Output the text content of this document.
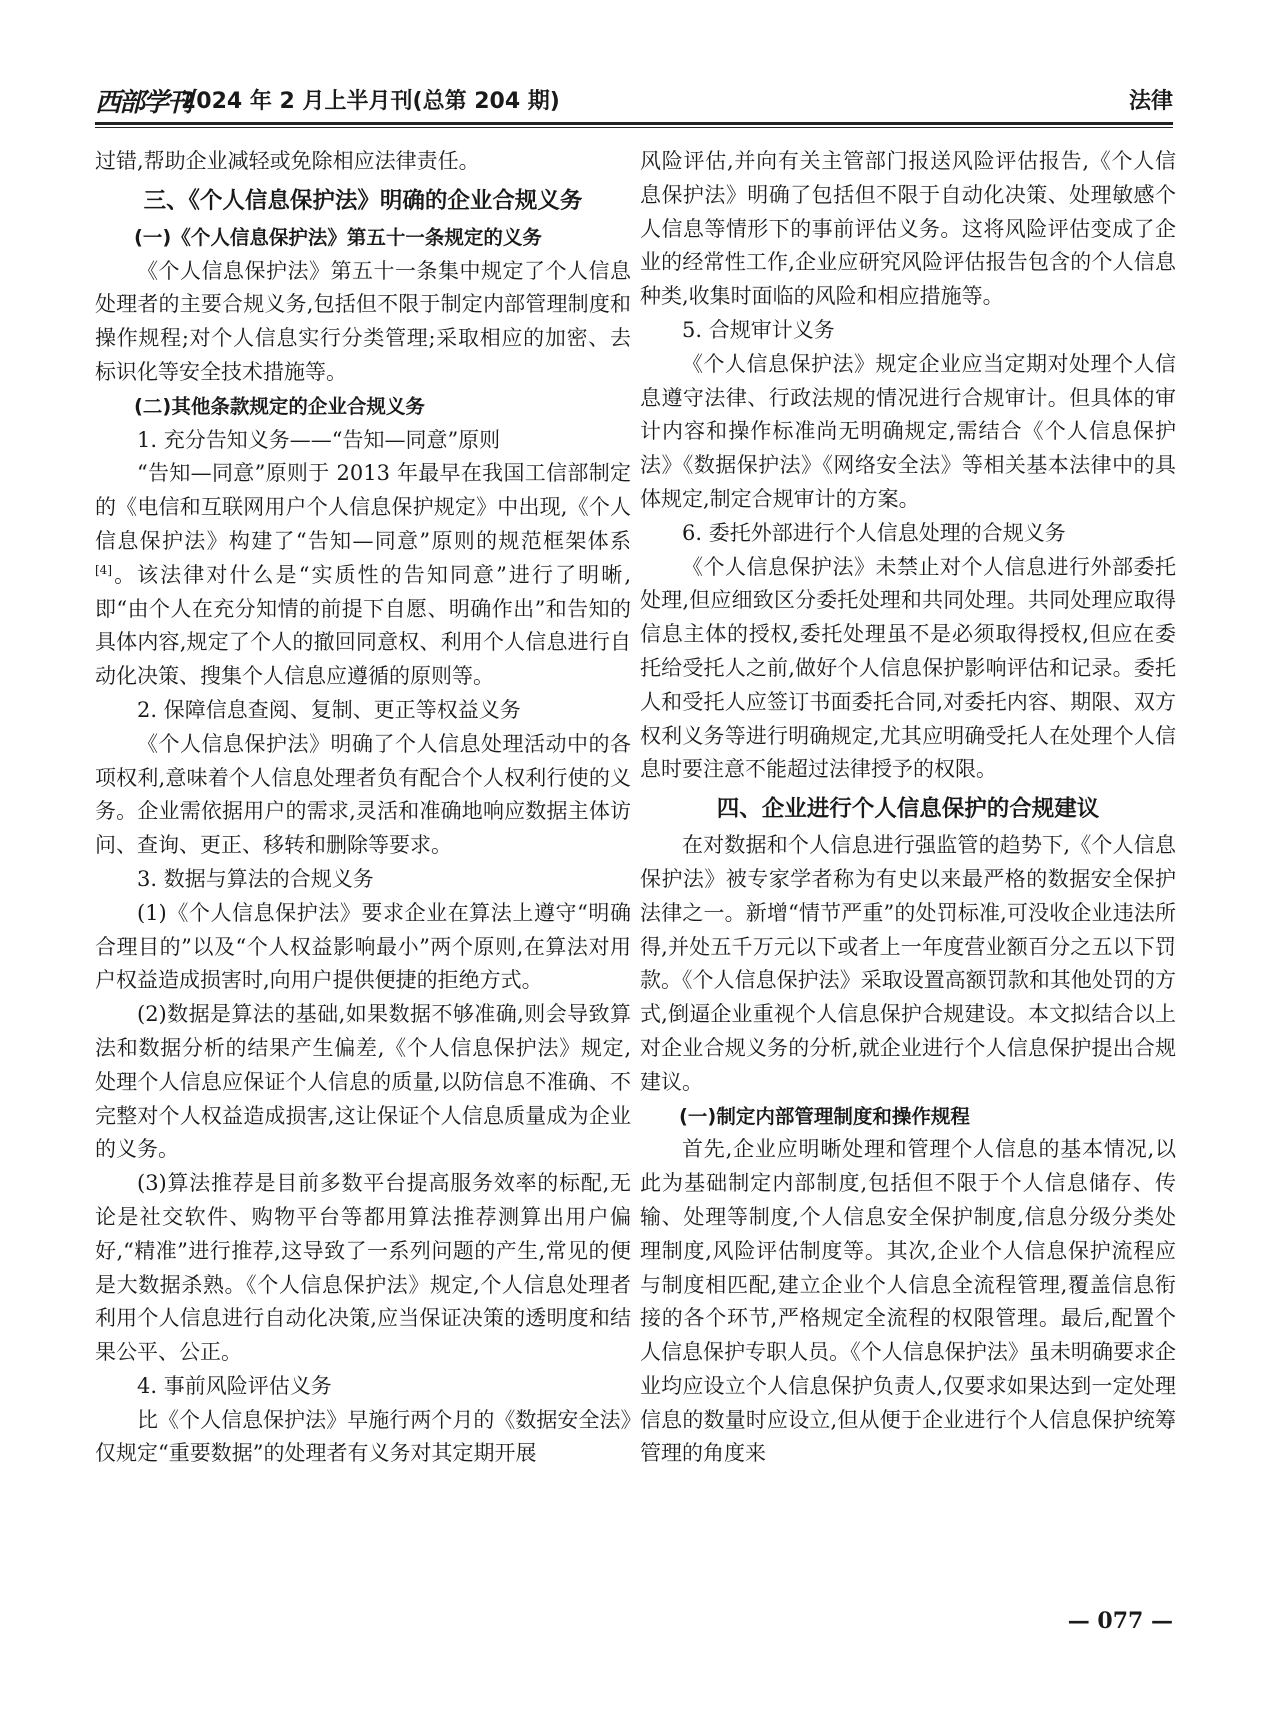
西部学刊
2024 年 2 月上半月刊(总第 204 期)	法律

过错,帮助企业减轻或免除相应法律责任。

三、《个人信息保护法》明确的企业合规义务
(一)《个人信息保护法》第五十一条规定的义务

《个人信息保护法》第五十一条集中规定了个人信息处理者的主要合规义务,包括但不限于制定内部管理制度和操作规程;对个人信息实行分类管理;采取相应的加密、去标识化等安全技术措施等。

(二)其他条款规定的企业合规义务
1. 充分告知义务——“告知—同意”原则

“告知—同意”原则于 2013 年最早在我国工信部制定的《电信和互联网用户个人信息保护规定》中出现,《个人信息保护法》构建了“告知—同意”原则的规范框架体系[4]。该法律对什么是“实质性的告知同意”进行了明晰,即“由个人在充分知情的前提下自愿、明确作出”和告知的具体内容,规定了个人的撤回同意权、利用个人信息进行自动化决策、搜集个人信息应遵循的原则等。

2. 保障信息查阅、复制、更正等权益义务

《个人信息保护法》明确了个人信息处理活动中的各项权利,意味着个人信息处理者负有配合个人权利行使的义务。企业需依据用户的需求,灵活和准确地响应数据主体访问、查询、更正、移转和删除等要求。

3. 数据与算法的合规义务

(1)《个人信息保护法》要求企业在算法上遵守“明确合理目的”以及“个人权益影响最小”两个原则,在算法对用户权益造成损害时,向用户提供便捷的拒绝方式。

(2)数据是算法的基础,如果数据不够准确,则会导致算法和数据分析的结果产生偏差,《个人信息保护法》规定,处理个人信息应保证个人信息的质量,以防信息不准确、不完整对个人权益造成损害,这让保证个人信息质量成为企业的义务。

(3)算法推荐是目前多数平台提高服务效率的标配,无论是社交软件、购物平台等都用算法推荐测算出用户偏好,“精准”进行推荐,这导致了一系列问题的产生,常见的便是大数据杀熟。《个人信息保护法》规定,个人信息处理者利用个人信息进行自动化决策,应当保证决策的透明度和结果公平、公正。

4. 事前风险评估义务

比《个人信息保护法》早施行两个月的《数据安全法》仅规定“重要数据”的处理者有义务对其定期开展

风险评估,并向有关主管部门报送风险评估报告,《个人信息保护法》明确了包括但不限于自动化决策、处理敏感个人信息等情形下的事前评估义务。这将风险评估变成了企业的经常性工作,企业应研究风险评估报告包含的个人信息种类,收集时面临的风险和相应措施等。

5. 合规审计义务

《个人信息保护法》规定企业应当定期对处理个人信息遵守法律、行政法规的情况进行合规审计。但具体的审计内容和操作标准尚无明确规定,需结合《个人信息保护法》《数据保护法》《网络安全法》等相关基本法律中的具体规定,制定合规审计的方案。

6. 委托外部进行个人信息处理的合规义务

《个人信息保护法》未禁止对个人信息进行外部委托处理,但应细致区分委托处理和共同处理。共同处理应取得信息主体的授权,委托处理虽不是必须取得授权,但应在委托给受托人之前,做好个人信息保护影响评估和记录。委托人和受托人应签订书面委托合同,对委托内容、期限、双方权利义务等进行明确规定,尤其应明确受托人在处理个人信息时要注意不能超过法律授予的权限。

四、企业进行个人信息保护的合规建议

在对数据和个人信息进行强监管的趋势下,《个人信息保护法》被专家学者称为有史以来最严格的数据安全保护法律之一。新增“情节严重”的处罚标准,可没收企业违法所得,并处五千万元以下或者上一年度营业额百分之五以下罚款。《个人信息保护法》采取设置高额罚款和其他处罚的方式,倒逼企业重视个人信息保护合规建设。本文拟结合以上对企业合规义务的分析,就企业进行个人信息保护提出合规建议。

(一)制定内部管理制度和操作规程

首先,企业应明晰处理和管理个人信息的基本情况,以此为基础制定内部制度,包括但不限于个人信息储存、传输、处理等制度,个人信息安全保护制度,信息分级分类处理制度,风险评估制度等。其次,企业个人信息保护流程应与制度相匹配,建立企业个人信息全流程管理,覆盖信息衔接的各个环节,严格规定全流程的权限管理。最后,配置个人信息保护专职人员。《个人信息保护法》虽未明确要求企业均应设立个人信息保护负责人,仅要求如果达到一定处理信息的数量时应设立,但从便于企业进行个人信息保护统筹管理的角度来

— 077 —
